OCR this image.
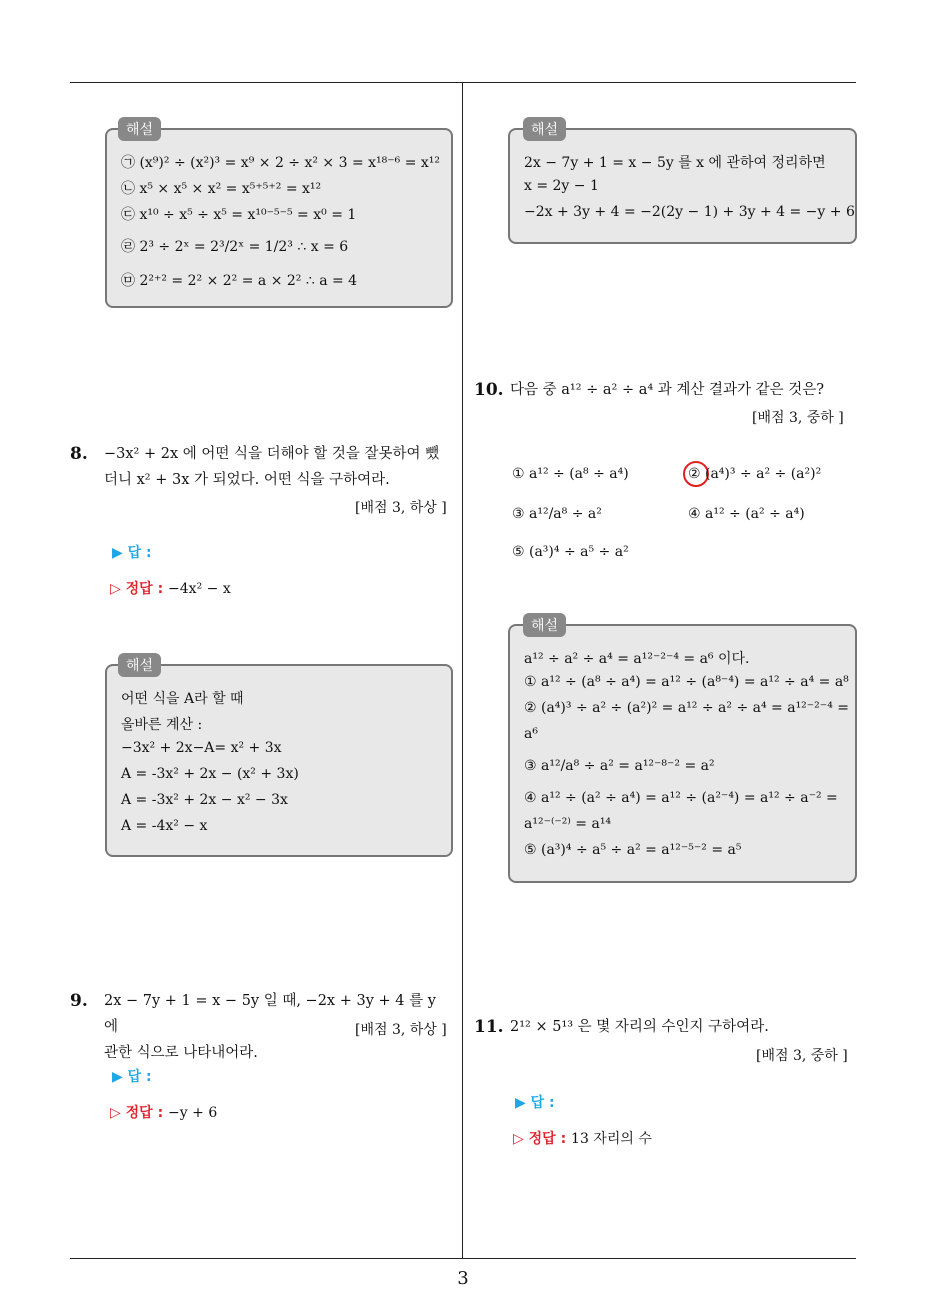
㉠ (x⁹)² ÷ (x²)³ = x⁹ × 2 ÷ x² × 3 = x¹⁸⁻⁶ = x¹²
㉡ x⁵ × x⁵ × x² = x⁵⁺⁵⁺² = x¹²
㉢ x¹⁰ ÷ x⁵ ÷ x⁵ = x¹⁰⁻⁵⁻⁵ = x⁰ = 1
㉣ 2³ ÷ 2ˣ = 2³/2ˣ = 1/2³ ∴ x = 6
㉤ 2²⁺² = 2² × 2² = a × 2² ∴ a = 4
해설
8. −3x² + 2x 에 어떤 식을 더해야 할 것을 잘못하여 뺐
더니 x² + 3x 가 되었다. 어떤 식을 구하여라.
[배점 3, 하상 ]
▶ 답 :
▷ 정답 : −4x² − x
어떤 식을 A라 할 때
올바른 계산 :
−3x² + 2x−A= x² + 3x
A = -3x² + 2x − (x² + 3x)
A = -3x² + 2x − x² − 3x
A = -4x² − x
해설
9. 2x − 7y + 1 = x − 5y 일 때, −2x + 3y + 4 를 y 에
관한 식으로 나타내어라.
[배점 3, 하상 ]
▶ 답 :
▷ 정답 : −y + 6
2x − 7y + 1 = x − 5y 를 x 에 관하여 정리하면
x = 2y − 1
−2x + 3y + 4 = −2(2y − 1) + 3y + 4 = −y + 6
해설
10. 다음 중 a¹² ÷ a² ÷ a⁴ 과 계산 결과가 같은 것은?
[배점 3, 중하 ]
① a¹² ÷ (a⁸ ÷ a⁴)	② (a⁴)³ ÷ a² ÷ (a²)²
③ a¹²/a⁸ ÷ a²	④ a¹² ÷ (a² ÷ a⁴)
⑤ (a³)⁴ ÷ a⁵ ÷ a²
a¹² ÷ a² ÷ a⁴ = a¹²⁻²⁻⁴ = a⁶ 이다.
① a¹² ÷ (a⁸ ÷ a⁴) = a¹² ÷ (a⁸⁻⁴) = a¹² ÷ a⁴ = a⁸
② (a⁴)³ ÷ a² ÷ (a²)² = a¹² ÷ a² ÷ a⁴ = a¹²⁻²⁻⁴ =
a⁶
③ a¹²/a⁸ ÷ a² = a¹²⁻⁸⁻² = a²
④ a¹² ÷ (a² ÷ a⁴) = a¹² ÷ (a²⁻⁴) = a¹² ÷ a⁻² =
a¹²⁻⁽⁻²⁾ = a¹⁴
⑤ (a³)⁴ ÷ a⁵ ÷ a² = a¹²⁻⁵⁻² = a⁵
해설
11. 2¹² × 5¹³ 은 몇 자리의 수인지 구하여라.
[배점 3, 중하 ]
▶ 답 :
▷ 정답 : 13 자리의 수
3
